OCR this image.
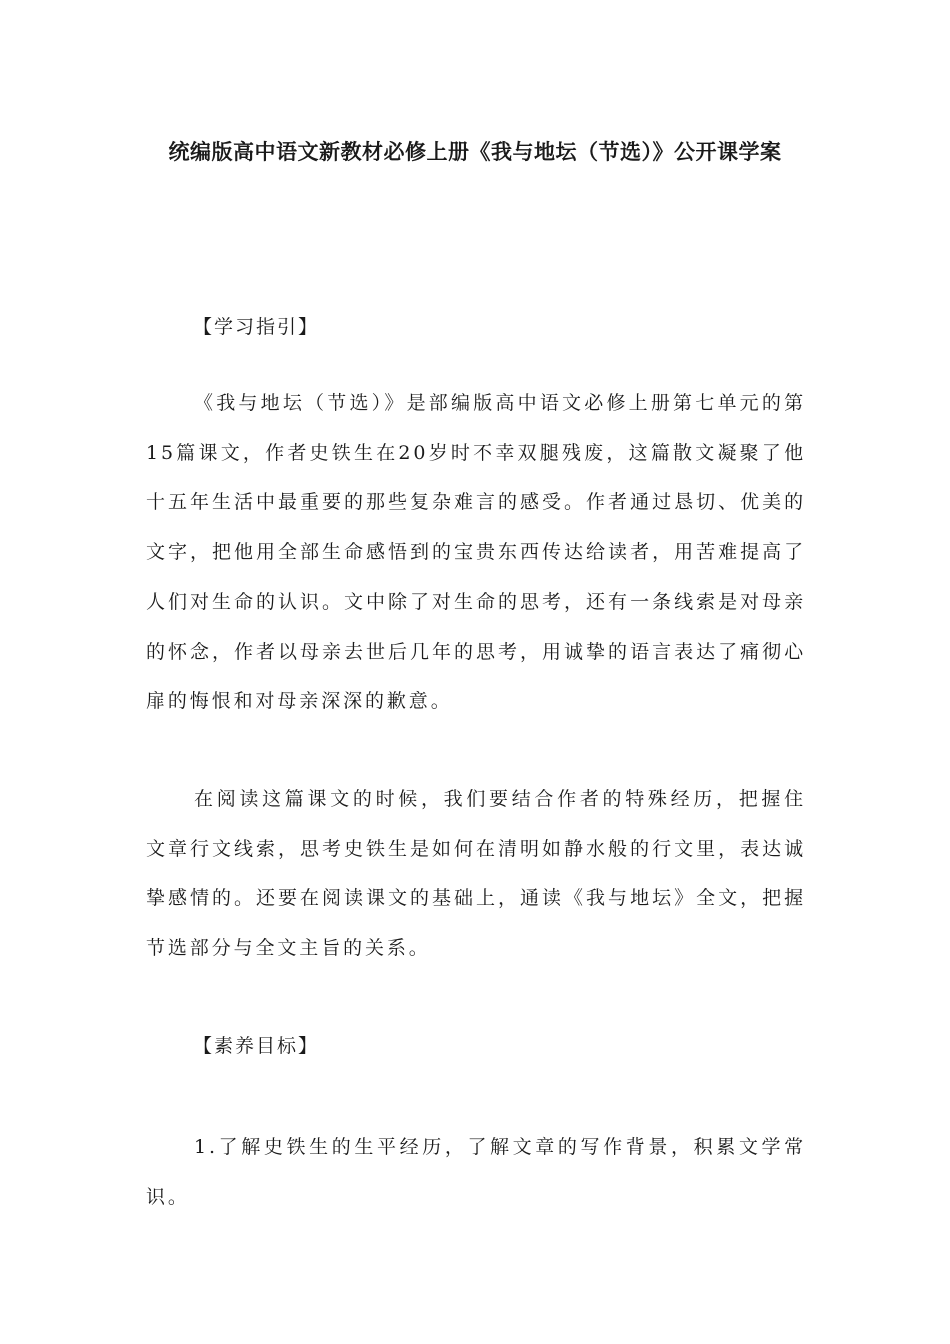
统编版高中语文新教材必修上册《我与地坛（节选）》公开课学案
【学习指引】

《我与地坛（节选）》是部编版高中语文必修上册第七单元的第15篇课文，作者史铁生在20岁时不幸双腿残废，这篇散文凝聚了他十五年生活中最重要的那些复杂难言的感受。作者通过恳切、优美的文字，把他用全部生命感悟到的宝贵东西传达给读者，用苦难提高了人们对生命的认识。文中除了对生命的思考，还有一条线索是对母亲的怀念，作者以母亲去世后几年的思考，用诚挚的语言表达了痛彻心扉的悔恨和对母亲深深的歉意。

在阅读这篇课文的时候，我们要结合作者的特殊经历，把握住文章行文线索，思考史铁生是如何在清明如静水般的行文里，表达诚挚感情的。还要在阅读课文的基础上，通读《我与地坛》全文，把握节选部分与全文主旨的关系。

【素养目标】

1.了解史铁生的生平经历，了解文章的写作背景，积累文学常识。
